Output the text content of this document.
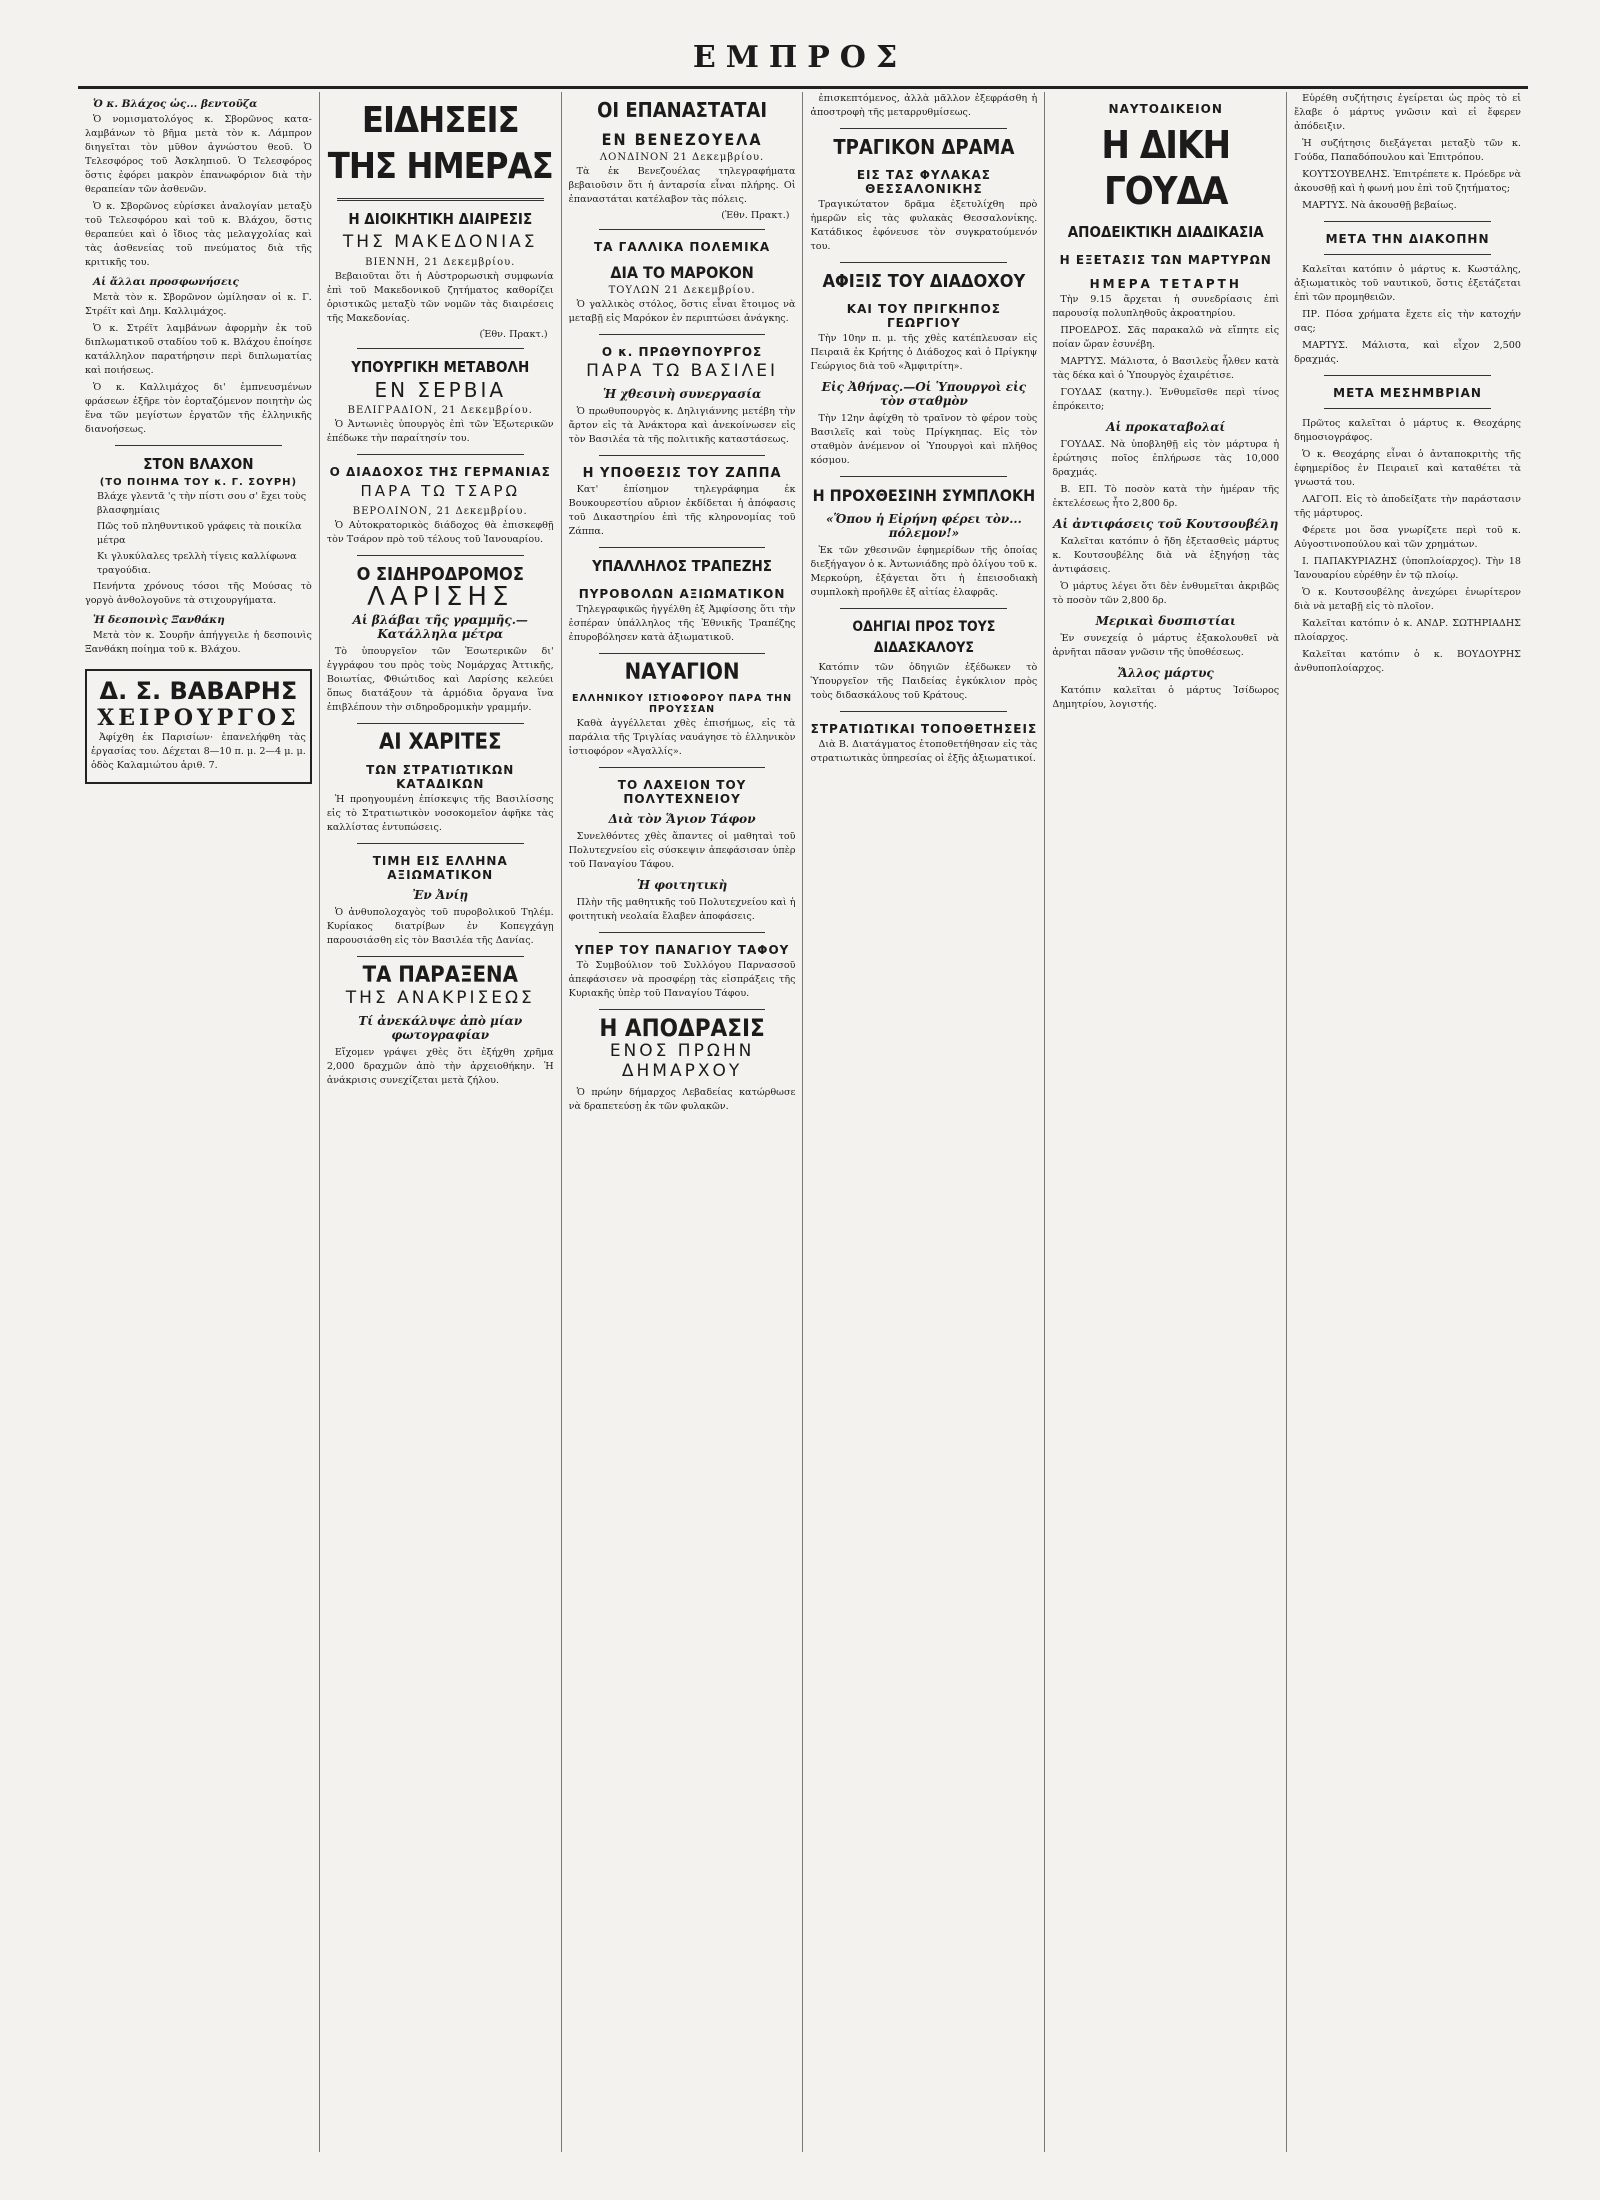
ΕΜΠΡΟΣ
Ὁ κ. Βλάχος ὡς... βεντοῦζα

Ὁ νομισματολόγος κ. Σβορῶνος καταλαμβάνων τὸ βῆμα μετὰ τὸν κ. Λάμπρον διηγεῖται τὸν μῦθον ἀγνώστου θεοῦ. Ὁ Τελεσφόρος τοῦ Ἀσκληπιοῦ. Ὁ Τελεσφόρος ὅστις ἐφόρει μακρὸν ἐπανωφόριον διὰ τὴν θεραπείαν τῶν ἀσθενῶν.

Ὁ κ. Σβορῶνος εὑρίσκει ἀναλογίαν μεταξὺ τοῦ Τελεσφόρου καὶ τοῦ κ. Βλάχου, ὅστις θεραπεύει καὶ ὁ ἴδιος τὰς μελαγχολίας καὶ τὰς ἀσθενείας τοῦ πνεύματος διὰ τῆς κριτικῆς του.

Αἱ ἄλλαι προσφωνήσεις

Μετὰ τὸν κ. Σβορῶνον ὡμίλησαν οἱ κ. Γ. Στρέϊτ καὶ Δημ. Καλλιμάχος.

Ὁ κ. Στρέϊτ λαμβάνων ἀφορμὴν ἐκ τοῦ διπλωματικοῦ σταδίου τοῦ κ. Βλάχου ἐποίησε κατάλληλον παρατήρησιν περὶ διπλωματίας καὶ ποιήσεως.

Ὁ κ. Καλλιμάχος δι' ἐμπνευσμένων φράσεων ἐξῆρε τὸν ἑορταζόμενον ποιητὴν ὡς ἕνα τῶν μεγίστων ἐργατῶν τῆς ἑλληνικῆς διανοήσεως.

ΣΤΟΝ ΒΛΑΧΟΝ
(ΤΟ ΠΟΙΗΜΑ ΤΟΥ κ. Γ. ΣΟΥΡΗ)

Βλάχε γλεντᾶ 'ς τὴν πίστι σου σ' ἔχει τοὺς βλασφημίαις

Πῶς τοῦ πληθυντικοῦ γράφεις τὰ ποικίλα μέτρα

Κι γλυκύλαλες τρελλὴ τίγεις καλλίφωνα τραγούδια.

Πενήντα χρόνους τόσοι τῆς Μούσας τὸ γοργὸ ἀνθολογοῦνε τὰ στιχουργήματα.

Ἡ δεσποινὶς Ξανθάκη

Μετὰ τὸν κ. Σουρῆν ἀπήγγειλε ἡ δεσποινὶς Ξανθάκη ποίημα τοῦ κ. Βλάχου.

Δ. Σ. ΒΑΒΑΡΗΣ
ΧΕΙΡΟΥΡΓΟΣ

Ἀφίχθη ἐκ Παρισίων· ἐπανελήφθη τὰς ἐργασίας του. Δέχεται 8—10 π. μ. 2—4 μ. μ. ὁδὸς Καλαμιώτου ἀριθ. 7.

ΕΙΔΗΣΕΙΣ ΤΗΣ ΗΜΕΡΑΣ
Η ΔΙΟΙΚΗΤΙΚΗ ΔΙΑΙΡΕΣΙΣ
ΤΗΣ ΜΑΚΕΔΟΝΙΑΣ
ΒΙΕΝΝΗ, 21 Δεκεμβρίου.

Βεβαιοῦται ὅτι ἡ Αὐστρορωσικὴ συμφωνία ἐπὶ τοῦ Μακεδονικοῦ ζητήματος καθορίζει ὁριστικῶς μεταξὺ τῶν νομῶν τὰς διαιρέσεις τῆς Μακεδονίας.

(Ἐθν. Πρακτ.)
ΥΠΟΥΡΓΙΚΗ ΜΕΤΑΒΟΛΗ
ΕΝ ΣΕΡΒΙΑ
ΒΕΛΙΓΡΑΔΙΟΝ, 21 Δεκεμβρίου.

Ὁ Ἀντωνιὲς ὑπουργὸς ἐπὶ τῶν Ἐξωτερικῶν ἐπέδωκε τὴν παραίτησίν του.

Ο ΔΙΑΔΟΧΟΣ ΤΗΣ ΓΕΡΜΑΝΙΑΣ
ΠΑΡΑ ΤΩ ΤΣΑΡΩ
ΒΕΡΟΛΙΝΟΝ, 21 Δεκεμβρίου.

Ὁ Αὐτοκρατορικὸς διάδοχος θὰ ἐπισκεφθῇ τὸν Τσάρον πρὸ τοῦ τέλους τοῦ Ἰανουαρίου.

Ο ΣΙΔΗΡΟΔΡΟΜΟΣ
ΛΑΡΙΣΗΣ
Αἱ βλάβαι τῆς γραμμῆς.—Κατάλληλα μέτρα

Τὸ ὑπουργεῖον τῶν Ἐσωτερικῶν δι' ἐγγράφου του πρὸς τοὺς Νομάρχας Ἀττικῆς, Βοιωτίας, Φθιώτιδος καὶ Λαρίσης κελεύει ὅπως διατάξουν τὰ ἀρμόδια ὄργανα ἵνα ἐπιβλέπουν τὴν σιδηροδρομικὴν γραμμήν.

ΑΙ ΧΑΡΙΤΕΣ
ΤΩΝ ΣΤΡΑΤΙΩΤΙΚΩΝ ΚΑΤΑΔΙΚΩΝ

Ἡ προηγουμένη ἐπίσκεψις τῆς Βασιλίσσης εἰς τὸ Στρατιωτικὸν νοσοκομεῖον ἀφῆκε τὰς καλλίστας ἐντυπώσεις.

ΤΙΜΗ ΕΙΣ ΕΛΛΗΝΑ ΑΞΙΩΜΑΤΙΚΟΝ
Ἐν Ἀνίῃ

Ὁ ἀνθυπολοχαγὸς τοῦ πυροβολικοῦ Τηλέμ. Κυρίακος διατρίβων ἐν Κοπεγχάγῃ παρουσιάσθη εἰς τὸν Βασιλέα τῆς Δανίας.

ΤΑ ΠΑΡΑΞΕΝΑ
ΤΗΣ ΑΝΑΚΡΙΣΕΩΣ
Τί ἀνεκάλυψε ἀπὸ μίαν φωτογραφίαν

Εἴχομεν γράψει χθὲς ὅτι ἐξήχθη χρῆμα 2,000 δραχμῶν ἀπὸ τὴν ἀρχειοθήκην. Ἡ ἀνάκρισις συνεχίζεται μετὰ ζήλου.

ΟΙ ΕΠΑΝΑΣΤΑΤΑΙ
ΕΝ ΒΕΝΕΖΟΥΕΛΑ
ΛΟΝΔΙΝΟΝ 21 Δεκεμβρίου.

Τὰ ἐκ Βενεζουέλας τηλεγραφήματα βεβαιοῦσιν ὅτι ἡ ἀνταρσία εἶναι πλήρης. Οἱ ἐπαναστάται κατέλαβον τὰς πόλεις.

(Ἐθν. Πρακτ.)
ΤΑ ΓΑΛΛΙΚΑ ΠΟΛΕΜΙΚΑ
ΔΙΑ ΤΟ ΜΑΡΟΚΟΝ
ΤΟΥΛΩΝ 21 Δεκεμβρίου.

Ὁ γαλλικὸς στόλος, ὅστις εἶναι ἕτοιμος νὰ μεταβῇ εἰς Μαρόκον ἐν περιπτώσει ἀνάγκης.

Ο κ. ΠΡΩΘΥΠΟΥΡΓΟΣ
ΠΑΡΑ ΤΩ ΒΑΣΙΛΕΙ
Ἡ χθεσινὴ συνεργασία

Ὁ πρωθυπουργὸς κ. Δηλιγιάννης μετέβη τὴν ἄρτον εἰς τὰ Ἀνάκτορα καὶ ἀνεκοίνωσεν εἰς τὸν Βασιλέα τὰ τῆς πολιτικῆς καταστάσεως.

Η ΥΠΟΘΕΣΙΣ ΤΟΥ ΖΑΠΠΑ

Κατ' ἐπίσημον τηλεγράφημα ἐκ Βουκουρεστίου αὔριον ἐκδίδεται ἡ ἀπόφασις τοῦ Δικαστηρίου ἐπὶ τῆς κληρονομίας τοῦ Ζάππα.

ΥΠΑΛΛΗΛΟΣ ΤΡΑΠΕΖΗΣ
ΠΥΡΟΒΟΛΩΝ ΑΞΙΩΜΑΤΙΚΟΝ

Τηλεγραφικῶς ἠγγέλθη ἐξ Ἀμφίσσης ὅτι τὴν ἑσπέραν ὑπάλληλος τῆς Ἐθνικῆς Τραπέζης ἐπυροβόλησεν κατὰ ἀξιωματικοῦ.

ΝΑΥΑΓΙΟΝ
ΕΛΛΗΝΙΚΟΥ ΙΣΤΙΟΦΟΡΟΥ ΠΑΡΑ ΤΗΝ ΠΡΟΥΣΣΑΝ

Καθὰ ἀγγέλλεται χθὲς ἐπισήμως, εἰς τὰ παράλια τῆς Τριγλίας ναυάγησε τὸ ἑλληνικὸν ἰστιοφόρον «Ἀγαλλίς».

ΤΟ ΛΑΧΕΙΟΝ ΤΟΥ ΠΟΛΥΤΕΧΝΕΙΟΥ
Διὰ τὸν Ἅγιον Τάφον

Συνελθόντες χθὲς ἅπαντες οἱ μαθηταὶ τοῦ Πολυτεχνείου εἰς σύσκεψιν ἀπεφάσισαν ὑπὲρ τοῦ Παναγίου Τάφου.

Ἡ φοιτητικὴ

Πλὴν τῆς μαθητικῆς τοῦ Πολυτεχνείου καὶ ἡ φοιτητικὴ νεολαία ἔλαβεν ἀποφάσεις.

ΥΠΕΡ ΤΟΥ ΠΑΝΑΓΙΟΥ ΤΑΦΟΥ

Τὸ Συμβούλιον τοῦ Συλλόγου Παρνασσοῦ ἀπεφάσισεν νὰ προσφέρῃ τὰς εἰσπράξεις τῆς Κυριακῆς ὑπὲρ τοῦ Παναγίου Τάφου.

Η ΑΠΟΔΡΑΣΙΣ
ΕΝΟΣ ΠΡΩΗΝ ΔΗΜΑΡΧΟΥ

Ὁ πρώην δήμαρχος Λεβαδείας κατώρθωσε νὰ δραπετεύσῃ ἐκ τῶν φυλακῶν.

ἐπισκεπτόμενος, ἀλλὰ μᾶλλον ἐξεφράσθη ἡ ἀποστροφὴ τῆς μεταρρυθμίσεως.

ΤΡΑΓΙΚΟΝ ΔΡΑΜΑ
ΕΙΣ ΤΑΣ ΦΥΛΑΚΑΣ ΘΕΣΣΑΛΟΝΙΚΗΣ

Τραγικώτατον δρᾶμα ἐξετυλίχθη πρὸ ἡμερῶν εἰς τὰς φυλακὰς Θεσσαλονίκης. Κατάδικος ἐφόνευσε τὸν συγκρατούμενόν του.

ΑΦΙΞΙΣ ΤΟΥ ΔΙΑΔΟΧΟΥ
ΚΑΙ ΤΟΥ ΠΡΙΓΚΗΠΟΣ ΓΕΩΡΓΙΟΥ

Τὴν 10ην π. μ. τῆς χθὲς κατέπλευσαν εἰς Πειραιᾶ ἐκ Κρήτης ὁ Διάδοχος καὶ ὁ Πρίγκηψ Γεώργιος διὰ τοῦ «Ἀμφιτρίτη».

Εἰς Ἀθήνας.—Οἱ Ὑπουργοὶ εἰς τὸν σταθμὸν

Τὴν 12ην ἀφίχθη τὸ τραῖνον τὸ φέρον τοὺς Βασιλεῖς καὶ τοὺς Πρίγκηπας. Εἰς τὸν σταθμὸν ἀνέμενον οἱ Ὑπουργοὶ καὶ πλῆθος κόσμου.

Η ΠΡΟΧΘΕΣΙΝΗ ΣΥΜΠΛΟΚΗ
«Ὅπου ἡ Εἰρήνη φέρει τὸν... πόλεμον!»

Ἐκ τῶν χθεσινῶν ἐφημερίδων τῆς ὁποίας διεξήγαγον ὁ κ. Ἀντωνιάδης πρὸ ὁλίγου τοῦ κ. Μερκούρη, ἐξάγεται ὅτι ἡ ἐπεισοδιακὴ συμπλοκὴ προῆλθε ἐξ αἰτίας ἐλαφρᾶς.

ΟΔΗΓΙΑΙ ΠΡΟΣ ΤΟΥΣ ΔΙΔΑΣΚΑΛΟΥΣ

Κατόπιν τῶν ὁδηγιῶν ἐξέδωκεν τὸ Ὑπουργεῖον τῆς Παιδείας ἐγκύκλιον πρὸς τοὺς διδασκάλους τοῦ Κράτους.

ΣΤΡΑΤΙΩΤΙΚΑΙ ΤΟΠΟΘΕΤΗΣΕΙΣ

Διὰ Β. Διατάγματος ἐτοποθετήθησαν εἰς τὰς στρατιωτικὰς ὑπηρεσίας οἱ ἑξῆς ἀξιωματικοί.

ΝΑΥΤΟΔΙΚΕΙΟΝ
Η ΔΙΚΗ ΓΟΥΔΑ
ΑΠΟΔΕΙΚΤΙΚΗ ΔΙΑΔΙΚΑΣΙΑ
Η ΕΞΕΤΑΣΙΣ ΤΩΝ ΜΑΡΤΥΡΩΝ
ΗΜΕΡΑ ΤΕΤΑΡΤΗ

Τὴν 9.15 ἄρχεται ἡ συνεδρίασις ἐπὶ παρουσίᾳ πολυπληθοῦς ἀκροατηρίου.

ΠΡΟΕΔΡΟΣ. Σᾶς παρακαλῶ νὰ εἴπητε εἰς ποίαν ὥραν ἐσυνέβη.

ΜΑΡΤΥΣ. Μάλιστα, ὁ Βασιλεὺς ἦλθεν κατὰ τὰς δέκα καὶ ὁ Ὑπουργὸς ἐχαιρέτισε.

ΓΟΥΔΑΣ (κατηγ.). Ἐνθυμεῖσθε περὶ τίνος ἐπρόκειτο;

Αἱ προκαταβολαί

ΓΟΥΔΑΣ. Νὰ ὑποβληθῇ εἰς τὸν μάρτυρα ἡ ἐρώτησις ποῖος ἐπλήρωσε τὰς 10,000 δραχμάς.

Β. ΕΠ. Τὸ ποσὸν κατὰ τὴν ἡμέραν τῆς ἐκτελέσεως ἦτο 2,800 δρ.

Αἱ ἀντιφάσεις τοῦ Κουτσουβέλη

Καλεῖται κατόπιν ὁ ἤδη ἐξετασθεὶς μάρτυς κ. Κουτσουβέλης διὰ νὰ ἐξηγήσῃ τὰς ἀντιφάσεις.

Ὁ μάρτυς λέγει ὅτι δὲν ἐνθυμεῖται ἀκριβῶς τὸ ποσὸν τῶν 2,800 δρ.

Μερικαὶ δυσπιστίαι

Ἐν συνεχείᾳ ὁ μάρτυς ἐξακολουθεῖ νὰ ἀρνῆται πᾶσαν γνῶσιν τῆς ὑποθέσεως.

Ἄλλος μάρτυς

Κατόπιν καλεῖται ὁ μάρτυς Ἰσίδωρος Δημητρίου, λογιστής.

Εὑρέθη συζήτησις ἐγείρεται ὡς πρὸς τὸ εἰ ἔλαβε ὁ μάρτυς γνῶσιν καὶ εἰ ἔφερεν ἀπόδειξιν.

Ἡ συζήτησις διεξάγεται μεταξὺ τῶν κ. Γούδα, Παπαδόπουλου καὶ Ἐπιτρόπου.

ΚΟΥΤΣΟΥΒΕΛΗΣ. Ἐπιτρέπετε κ. Πρόεδρε νὰ ἀκουσθῇ καὶ ἡ φωνή μου ἐπὶ τοῦ ζητήματος;

ΜΑΡΤΥΣ. Νὰ ἀκουσθῇ βεβαίως.

ΜΕΤΑ ΤΗΝ ΔΙΑΚΟΠΗΝ

Καλεῖται κατόπιν ὁ μάρτυς κ. Κωστάλης, ἀξιωματικὸς τοῦ ναυτικοῦ, ὅστις ἐξετάζεται ἐπὶ τῶν προμηθειῶν.

ΠΡ. Πόσα χρήματα ἔχετε εἰς τὴν κατοχήν σας;

ΜΑΡΤΥΣ. Μάλιστα, καὶ εἶχον 2,500 δραχμάς.

ΜΕΤΑ ΜΕΣΗΜΒΡΙΑΝ

Πρῶτος καλεῖται ὁ μάρτυς κ. Θεοχάρης δημοσιογράφος.

Ὁ κ. Θεοχάρης εἶναι ὁ ἀνταποκριτὴς τῆς ἐφημερίδος ἐν Πειραιεῖ καὶ καταθέτει τὰ γνωστά του.

ΛΑΓΟΠ. Εἰς τὸ ἀποδείξατε τὴν παράστασιν τῆς μάρτυρος.

Φέρετε μοι ὅσα γνωρίζετε περὶ τοῦ κ. Αὐγοστινοπούλου καὶ τῶν χρημάτων.

Ι. ΠΑΠΑΚΥΡΙΑΖΗΣ (ὑποπλοίαρχος). Τὴν 18 Ἰανουαρίου εὑρέθην ἐν τῷ πλοίῳ.

Ὁ κ. Κουτσουβέλης ἀνεχώρει ἐνωρίτερον διὰ νὰ μεταβῇ εἰς τὸ πλοῖον.

Καλεῖται κατόπιν ὁ κ. ΑΝΔΡ. ΣΩΤΗΡΙΑΔΗΣ πλοίαρχος.

Καλεῖται κατόπιν ὁ κ. ΒΟΥΔΟΥΡΗΣ ἀνθυποπλοίαρχος.
